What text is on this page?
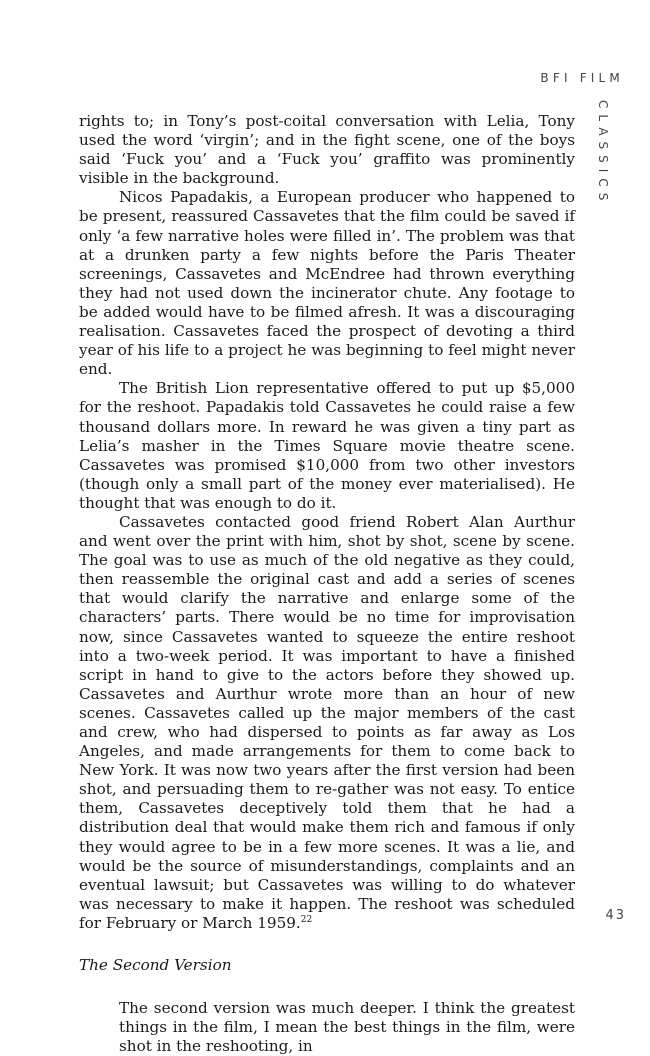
BFI FILM
CLASSICS

rights to; in Tony’s post-coital conversation with Lelia, Tony used the word ‘virgin’; and in the fight scene, one of the boys said ‘Fuck you’ and a ‘Fuck you’ graffito was prominently visible in the background.

Nicos Papadakis, a European producer who happened to be present, reassured Cassavetes that the film could be saved if only ‘a few narrative holes were filled in’. The problem was that at a drunken party a few nights before the Paris Theater screenings, Cassavetes and McEndree had thrown everything they had not used down the incinerator chute. Any footage to be added would have to be filmed afresh. It was a discouraging realisation. Cassavetes faced the prospect of devoting a third year of his life to a project he was beginning to feel might never end.

The British Lion representative offered to put up $5,000 for the reshoot. Papadakis told Cassavetes he could raise a few thousand dollars more. In reward he was given a tiny part as Lelia’s masher in the Times Square movie theatre scene. Cassavetes was promised $10,000 from two other investors (though only a small part of the money ever materialised). He thought that was enough to do it.

Cassavetes contacted good friend Robert Alan Aurthur and went over the print with him, shot by shot, scene by scene. The goal was to use as much of the old negative as they could, then reassemble the original cast and add a series of scenes that would clarify the narrative and enlarge some of the characters’ parts. There would be no time for improvisation now, since Cassavetes wanted to squeeze the entire reshoot into a two-week period. It was important to have a finished script in hand to give to the actors before they showed up. Cassavetes and Aurthur wrote more than an hour of new scenes. Cassavetes called up the major members of the cast and crew, who had dispersed to points as far away as Los Angeles, and made arrangements for them to come back to New York. It was now two years after the first version had been shot, and persuading them to re-gather was not easy. To entice them, Cassavetes deceptively told them that he had a distribution deal that would make them rich and famous if only they would agree to be in a few more scenes. It was a lie, and would be the source of misunderstandings, complaints and an eventual lawsuit; but Cassavetes was willing to do whatever was necessary to make it happen. The reshoot was scheduled for February or March 1959.22

The Second Version

The second version was much deeper. I think the greatest things in the film, I mean the best things in the film, were shot in the reshooting, in

43
